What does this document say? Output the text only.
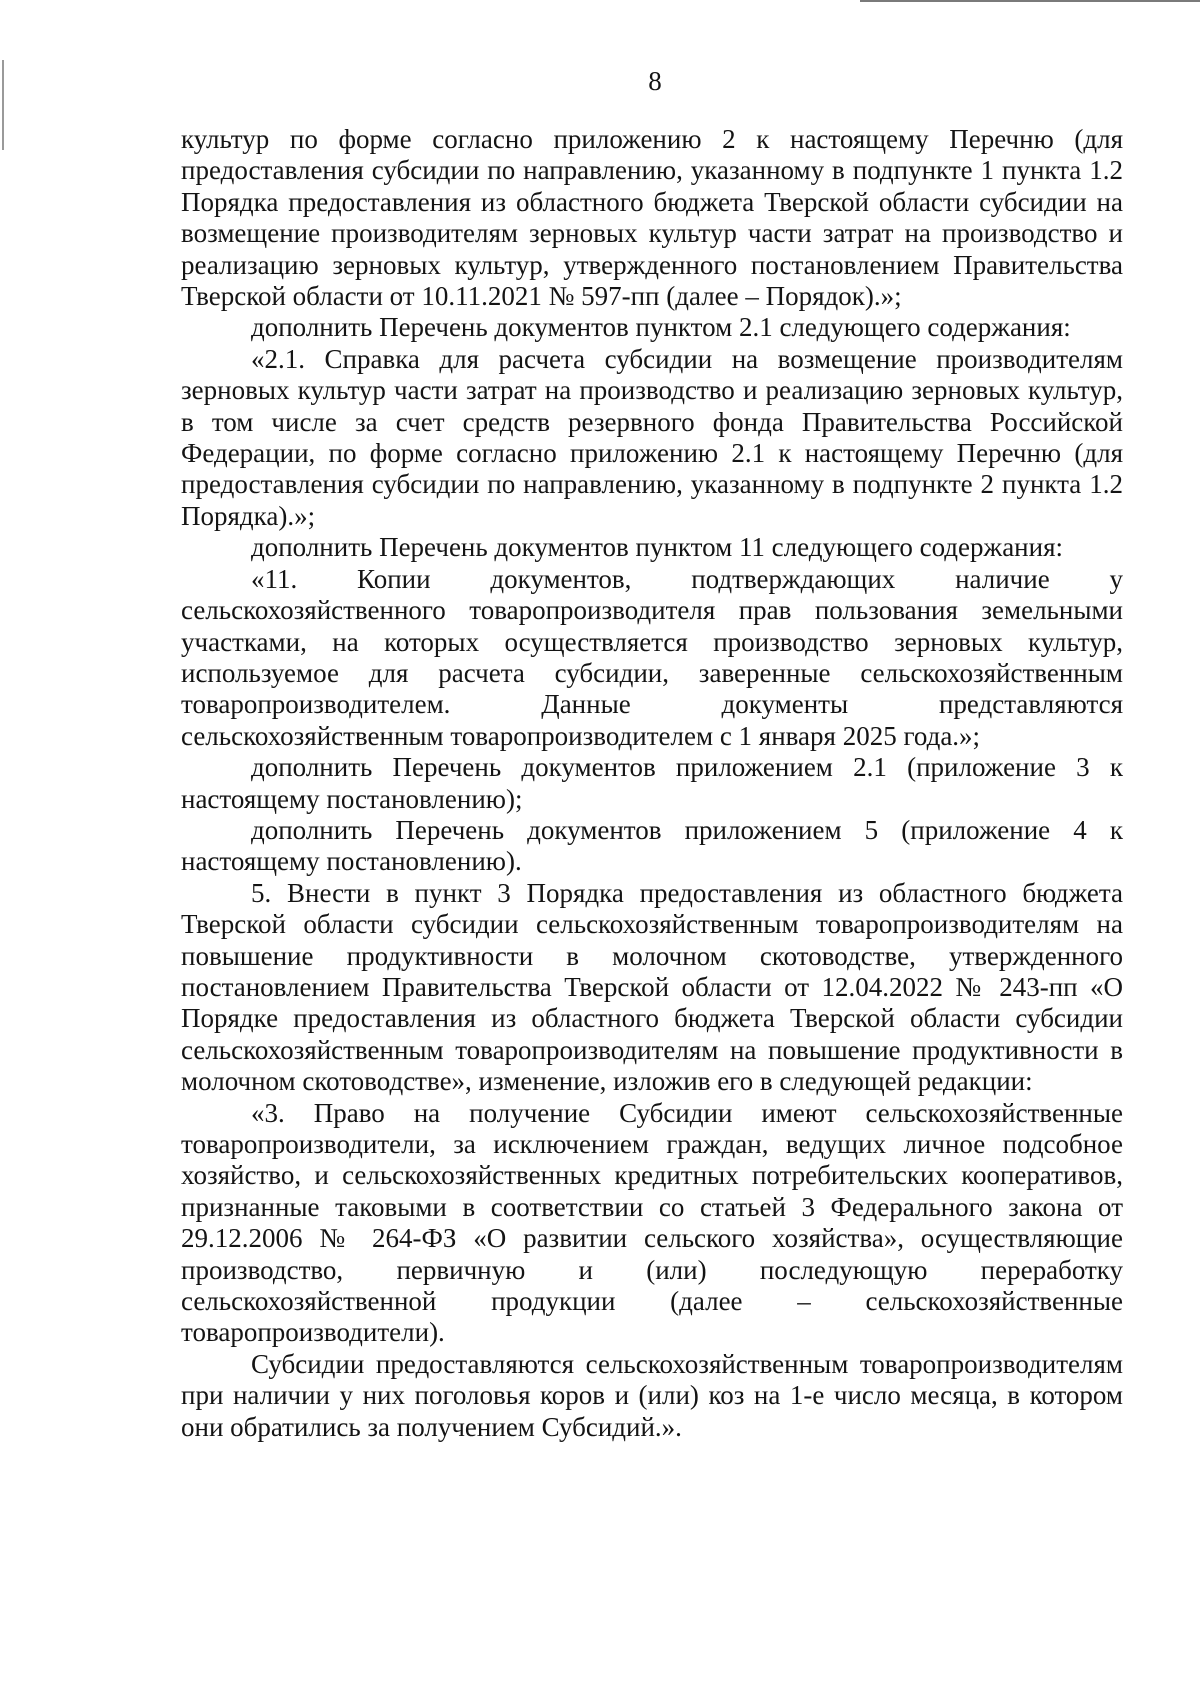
8

культур по форме согласно приложению 2 к настоящему Перечню (для предоставления субсидии по направлению, указанному в подпункте 1 пункта 1.2 Порядка предоставления из областного бюджета Тверской области субсидии на возмещение производителям зерновых культур части затрат на производство и реализацию зерновых культур, утвержденного постановлением Правительства Тверской области от 10.11.2021 № 597-пп (далее – Порядок).»;

дополнить Перечень документов пунктом 2.1 следующего содержания:

«2.1. Справка для расчета субсидии на возмещение производителям зерновых культур части затрат на производство и реализацию зерновых культур, в том числе за счет средств резервного фонда Правительства Российской Федерации, по форме согласно приложению 2.1 к настоящему Перечню (для предоставления субсидии по направлению, указанному в подпункте 2 пункта 1.2 Порядка).»;

дополнить Перечень документов пунктом 11 следующего содержания:

«11. Копии документов, подтверждающих наличие у сельскохозяйственного товаропроизводителя прав пользования земельными участками, на которых осуществляется производство зерновых культур, используемое для расчета субсидии, заверенные сельскохозяйственным товаропроизводителем. Данные документы представляются сельскохозяйственным товаропроизводителем с 1 января 2025 года.»;

дополнить Перечень документов приложением 2.1 (приложение 3 к настоящему постановлению);

дополнить Перечень документов приложением 5 (приложение 4 к настоящему постановлению).

5. Внести в пункт 3 Порядка предоставления из областного бюджета Тверской области субсидии сельскохозяйственным товаропроизводителям на повышение продуктивности в молочном скотоводстве, утвержденного постановлением Правительства Тверской области от 12.04.2022 № 243-пп «О Порядке предоставления из областного бюджета Тверской области субсидии сельскохозяйственным товаропроизводителям на повышение продуктивности в молочном скотоводстве», изменение, изложив его в следующей редакции:

«3. Право на получение Субсидии имеют сельскохозяйственные товаропроизводители, за исключением граждан, ведущих личное подсобное хозяйство, и сельскохозяйственных кредитных потребительских кооперативов, признанные таковыми в соответствии со статьей 3 Федерального закона от 29.12.2006 № 264-ФЗ «О развитии сельского хозяйства», осуществляющие производство, первичную и (или) последующую переработку сельскохозяйственной продукции (далее – сельскохозяйственные товаропроизводители).

Субсидии предоставляются сельскохозяйственным товаропроизводителям при наличии у них поголовья коров и (или) коз на 1-е число месяца, в котором они обратились за получением Субсидий.».
